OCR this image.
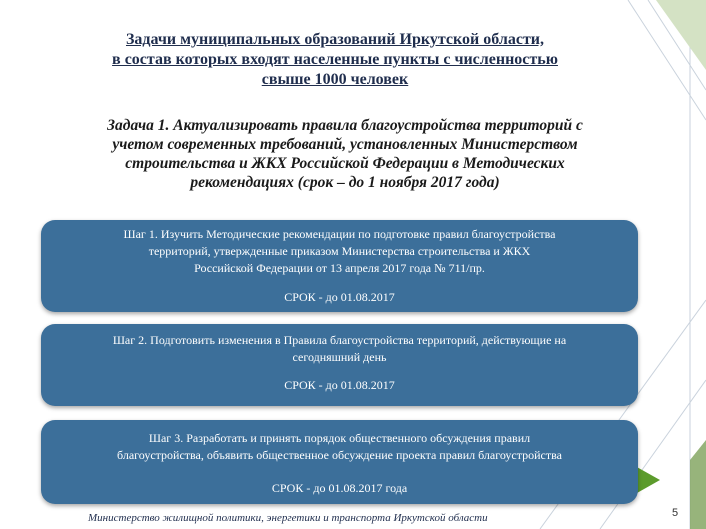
Задачи муниципальных образований Иркутской области,
в состав которых входят населенные пункты с численностью
свыше 1000 человек
Задача 1. Актуализировать правила благоустройства территорий с
учетом современных требований, установленных Министерством
строительства и ЖКХ Российской Федерации в Методических
рекомендациях (срок – до 1 ноября 2017 года)
Шаг 1. Изучить Методические рекомендации по подготовке правил благоустройства
территорий, утвержденные приказом Министерства строительства и ЖКХ
Российской Федерации от 13 апреля 2017 года № 711/пр.
СРОК - до 01.08.2017
Шаг 2. Подготовить изменения в Правила благоустройства территорий, действующие на
сегодняшний день
СРОК - до 01.08.2017
Шаг 3. Разработать и принять порядок общественного обсуждения правил
благоустройства, объявить общественное обсуждение проекта правил благоустройства
СРОК - до 01.08.2017 года
Министерство жилищной политики, энергетики и транспорта Иркутской области	5
